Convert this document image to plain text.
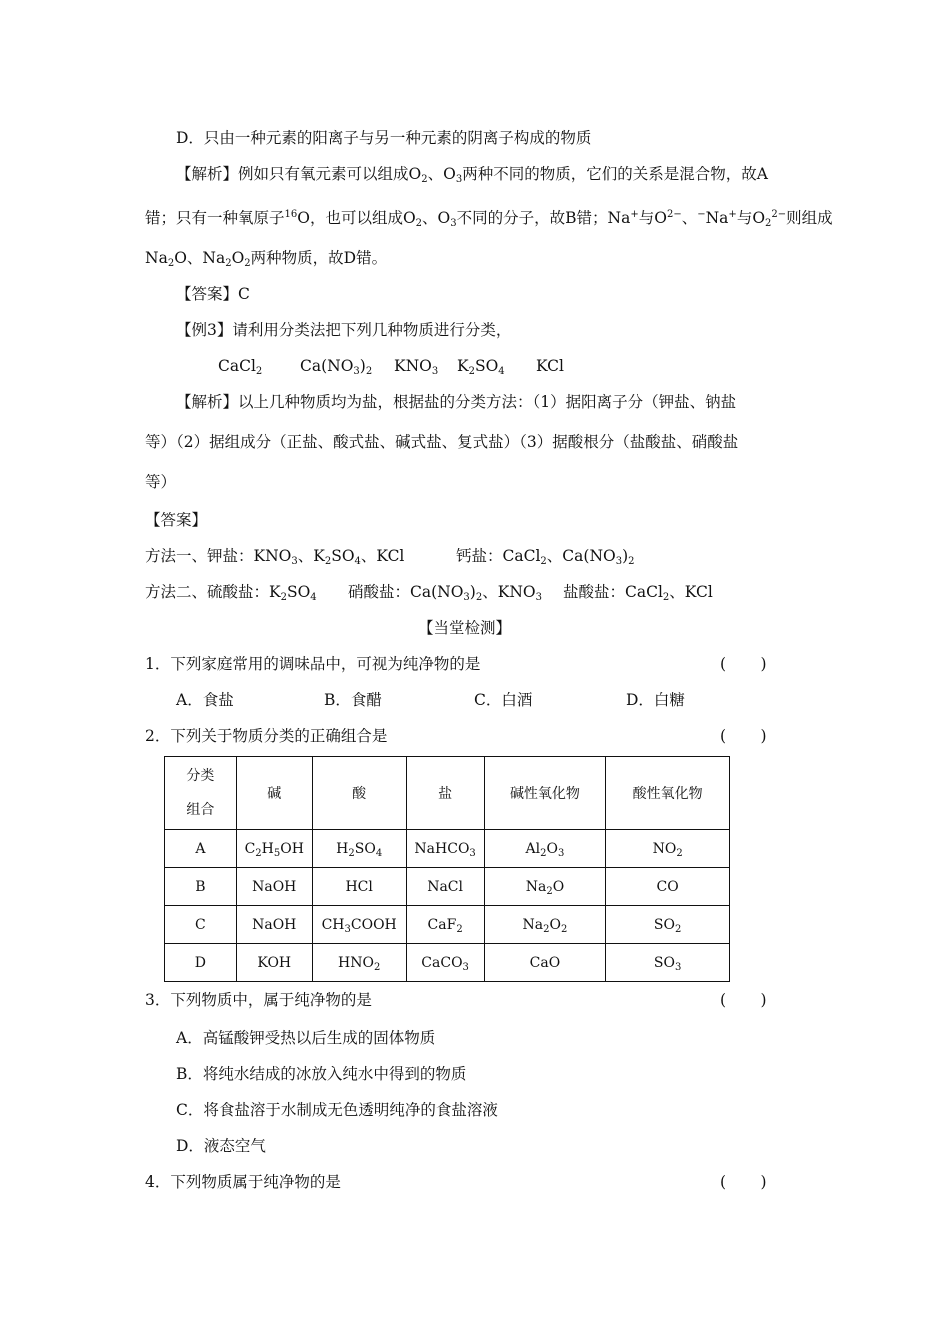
D．只由一种元素的阳离子与另一种元素的阴离子构成的物质
【解析】例如只有氧元素可以组成O2、O3两种不同的物质，它们的关系是混合物，故A
错；只有一种氧原子$^{16}$O，也可以组成O2、O3不同的分子，故B错；Na+与$O^{2-}$、−Na+与$O2^{2-}$则组成
Na2O、Na2O2两种物质，故D错。
【答案】C
【例3】请利用分类法把下列几种物质进行分类，
CaCl2 Ca(NO3)2 KNO3 K2SO4 KCl
【解析】以上几种物质均为盐，根据盐的分类方法：（1）据阳离子分（钾盐、钠盐
等）（2）据组成分（正盐、酸式盐、碱式盐、复式盐）（3）据酸根分（盐酸盐、硝酸盐
等）
【答案】
方法一、钾盐：KNO3、K2SO4、KCl	钙盐：CaCl2、Ca(NO3)2
方法二、硫酸盐：K2SO4 硝酸盐：Ca(NO3)2、KNO3 盐酸盐：CaCl2、KCl
【当堂检测】
1．下列家庭常用的调味品中，可视为纯净物的是	(       )
A．食盐	B．食醋	C．白酒	D．白糖
2．下列关于物质分类的正确组合是	(       )
分类
组合	碱	酸	盐	碱性氧化物	酸性氧化物
A	$C_2H_5OH$	$H_2SO_4$	NaHCO$_3$	$Al_2O_3$	$NO_2$
B	NaOH	HCl	NaCl	$Na_2O$	CO
C	NaOH	$CH_3COOH$	CaF$_2$	$Na_2O_2$	$SO_2$
D	KOH	$HNO_2$	CaCO$_3$	CaO	$SO_3$
3．下列物质中，属于纯净物的是	(       )
A．高锰酸钾受热以后生成的固体物质
B．将纯水结成的冰放入纯水中得到的物质
C．将食盐溶于水制成无色透明纯净的食盐溶液
D．液态空气
4．下列物质属于纯净物的是	(       )
